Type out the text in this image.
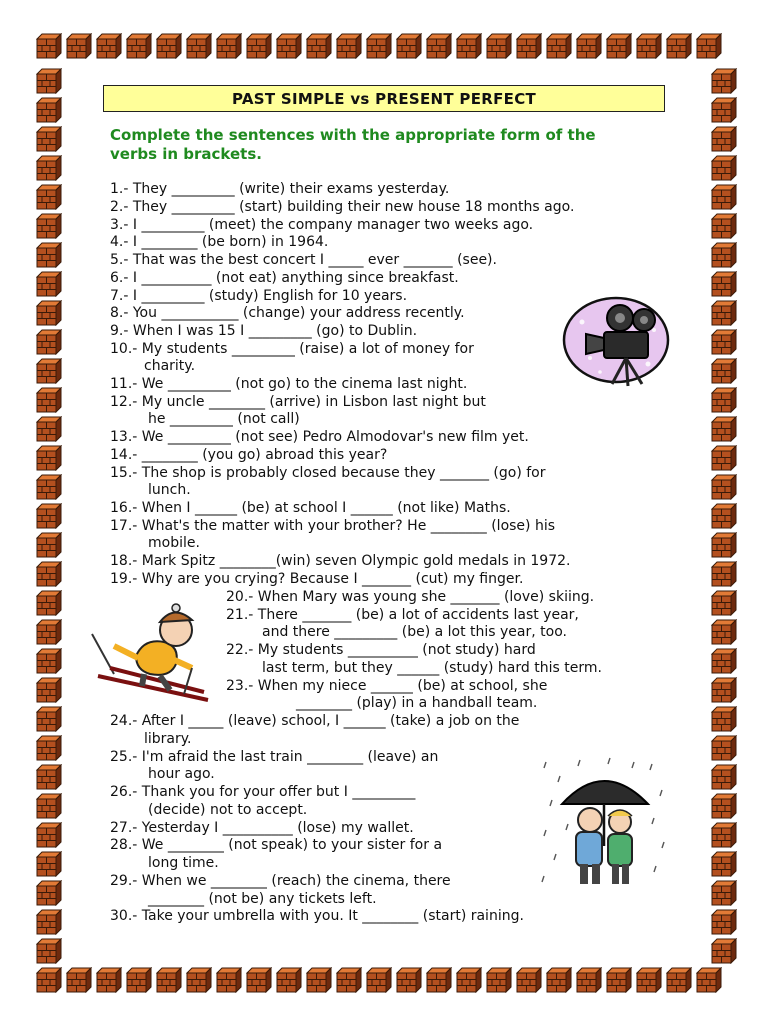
PAST SIMPLE vs PRESENT PERFECT
Complete the sentences with the appropriate form of the verbs in brackets.
1.- They _________ (write) their exams yesterday.
2.- They _________ (start) building their new house 18 months ago.
3.- I _________ (meet) the company manager two weeks ago.
4.- I ________ (be born) in 1964.
5.- That was the best concert I _____ ever _______ (see).
6.- I __________ (not eat) anything since breakfast.
7.- I _________ (study) English for 10 years.
8.- You ___________ (change) your address recently.
9.- When I was 15 I _________ (go) to Dublin.
10.- My students _________ (raise) a lot of money for
charity.
11.- We _________ (not go) to the cinema last night.
12.- My uncle ________ (arrive) in Lisbon last night but
he _________ (not call)
13.- We _________ (not see) Pedro Almodovar's new film yet.
14.- ________ (you go) abroad this year?
15.- The shop is probably closed because they _______ (go) for
lunch.
16.- When I ______ (be) at school I ______ (not like) Maths.
17.- What's the matter with your brother? He ________ (lose) his
mobile.
18.- Mark Spitz ________(win) seven Olympic gold medals in 1972.
19.- Why are you crying? Because I _______ (cut) my finger.
20.- When Mary was young she _______ (love) skiing.
21.- There _______ (be) a lot of accidents last year,
and there _________ (be) a lot this year, too.
22.- My students __________ (not study) hard
last term, but they ______ (study) hard this term.
23.- When my niece ______ (be) at school, she
________ (play) in a handball team.
24.- After I _____ (leave) school, I ______ (take) a job on the
library.
25.- I'm afraid the last train ________ (leave) an
hour ago.
26.- Thank you for your offer but I _________
(decide) not to accept.
27.- Yesterday I __________ (lose) my wallet.
28.- We ________ (not speak) to your sister for a
long time.
29.- When we ________ (reach) the cinema, there
________ (not be) any tickets left.
30.- Take your umbrella with you. It ________ (start) raining.
